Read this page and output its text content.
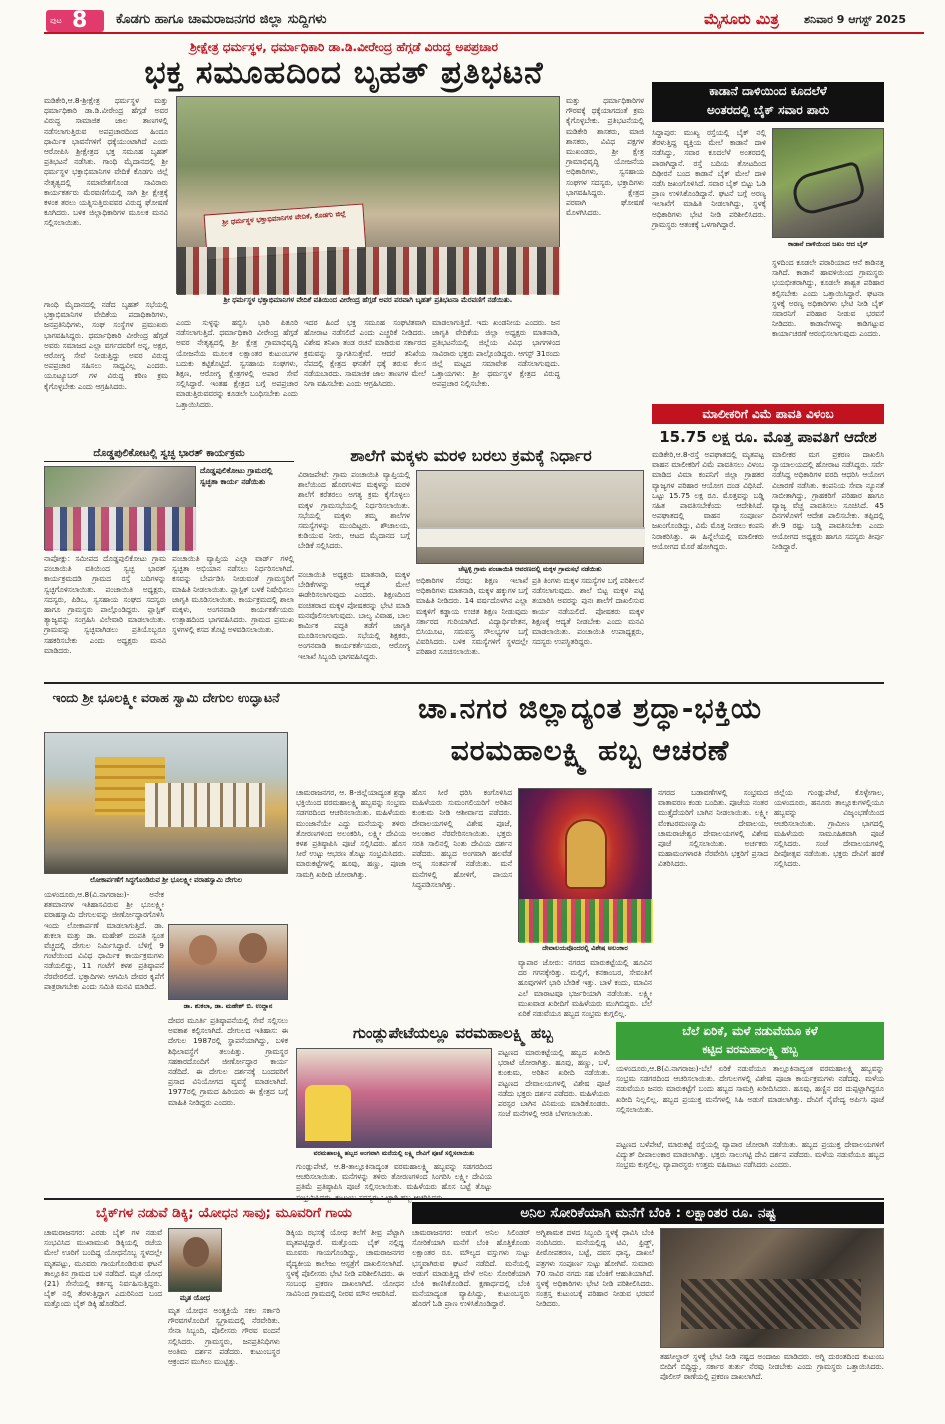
ಪುಟ 8 ಕೊಡಗು ಹಾಗೂ ಚಾಮರಾಜನಗರ ಜಿಲ್ಲಾ ಸುದ್ದಿಗಳು	ಮೈಸೂರು ಮಿತ್ರ ಶನಿವಾರ 9 ಆಗಸ್ಟ್ 2025
ಶ್ರೀಕ್ಷೇತ್ರ ಧರ್ಮಸ್ಥಳ, ಧರ್ಮಾಧಿಕಾರಿ ಡಾ.ಡಿ.ವೀರೇಂದ್ರ ಹೆಗ್ಗಡೆ ವಿರುದ್ಧ ಅಪಪ್ರಚಾರ
ಭಕ್ತ ಸಮೂಹದಿಂದ ಬೃಹತ್ ಪ್ರತಿಭಟನೆ
ಮಡಿಕೇರಿ,ಆ.8-ಶ್ರೀಕ್ಷೇತ್ರ ಧರ್ಮಸ್ಥಳ ಮತ್ತು ಧರ್ಮಾಧಿಕಾರಿ ಡಾ.ಡಿ.ವೀರೇಂದ್ರ ಹೆಗ್ಗಡೆ ಅವರ ವಿರುದ್ಧ ಸಾಮಾಜಿಕ ಜಾಲ ತಾಣಗಳಲ್ಲಿ ನಡೆಸಲಾಗುತ್ತಿರುವ ಅಪಪ್ರಚಾರದಿಂದ ಹಿಂದೂ ಧಾರ್ಮಿಕ ಭಾವನೆಗಳಿಗೆ ಧಕ್ಕೆಯುಂಟಾಗಿದೆ ಎಂದು ಆರೋಪಿಸಿ ಶ್ರೀಕ್ಷೇತ್ರದ ಭಕ್ತ ಸಮೂಹ ಬೃಹತ್ ಪ್ರತಿಭಟನೆ ನಡೆಸಿತು. ಗಾಂಧಿ ಮೈದಾನದಲ್ಲಿ ಶ್ರೀ ಧರ್ಮಸ್ಥಳ ಭಕ್ತಾಭಿಮಾನಿಗಳ ವೇದಿಕೆ ಕೊಡಗು ಜಿಲ್ಲೆ ನೇತೃತ್ವದಲ್ಲಿ ಸಮಾವೇಶಗೊಂಡ ಸಾವಿರಾರು ಕಾರ್ಯಕರ್ತರು ಮೆರವಣಿಗೆಯಲ್ಲಿ ಸಾಗಿ ಶ್ರೀ ಕ್ಷೇತ್ರಕ್ಕೆ ಕಳಂಕ ತರಲು ಯತ್ನಿಸುತ್ತಿರುವವರ ವಿರುದ್ಧ ಘೋಷಣೆ ಕೂಗಿದರು. ಬಳಿಕ ಜಿಲ್ಲಾಧಿಕಾರಿಗಳ ಮೂಲಕ ಮನವಿ ಸಲ್ಲಿಸಲಾಯಿತು.	ಶ್ರೀ ಧರ್ಮಸ್ಥಳ ಭಕ್ತಾಭಿಮಾನಿಗಳ ವೇದಿಕೆ, ಕೊಡಗು ಜಿಲ್ಲೆ
ಶ್ರೀ ಧರ್ಮಸ್ಥಳ ಭಕ್ತಾಭಿಮಾನಿಗಳ ವೇದಿಕೆ ವತಿಯಿಂದ ವೀರೇಂದ್ರ ಹೆಗ್ಗಡೆ ಅವರ ಪರವಾಗಿ ಬೃಹತ್ ಪ್ರತಿಭಟನಾ ಮೆರವಣಿಗೆ ನಡೆಯಿತು.
ಮತ್ತು ಧರ್ಮಾಧಿಕಾರಿಗಳ ಗೌರವಕ್ಕೆ ಧಕ್ಕೆಯಾಗದಂತೆ ಕ್ರಮ ಕೈಗೊಳ್ಳಬೇಕು. ಪ್ರತಿಭಟನೆಯಲ್ಲಿ ಮಡಿಕೇರಿ ಶಾಸಕರು, ಮಾಜಿ ಶಾಸಕರು, ವಿವಿಧ ಪಕ್ಷಗಳ ಮುಖಂಡರು, ಶ್ರೀ ಕ್ಷೇತ್ರ ಗ್ರಾಮಾಭಿವೃದ್ಧಿ ಯೋಜನೆಯ ಅಧಿಕಾರಿಗಳು, ಸ್ವಸಹಾಯ ಸಂಘಗಳ ಸದಸ್ಯರು, ಭಕ್ತಾದಿಗಳು ಭಾಗವಹಿಸಿದ್ದರು. ಕ್ಷೇತ್ರದ ಪರವಾಗಿ ಘೋಷಣೆ ಮೊಳಗಿಸಿದರು.
ಗಾಂಧಿ ಮೈದಾನದಲ್ಲಿ ನಡೆದ ಬೃಹತ್ ಸಭೆಯಲ್ಲಿ ಭಕ್ತಾಭಿಮಾನಿಗಳ ವೇದಿಕೆಯ ಪದಾಧಿಕಾರಿಗಳು, ಜನಪ್ರತಿನಿಧಿಗಳು, ಸಂಘ ಸಂಸ್ಥೆಗಳ ಪ್ರಮುಖರು ಭಾಗವಹಿಸಿದ್ದರು. ಧರ್ಮಾಧಿಕಾರಿ ವೀರೇಂದ್ರ ಹೆಗ್ಗಡೆ ಅವರು ಸಮಾಜದ ಎಲ್ಲಾ ವರ್ಗದವರಿಗೆ ಅನ್ನ, ಅಕ್ಷರ, ಆರೋಗ್ಯ ಸೇವೆ ನೀಡುತ್ತಿದ್ದು ಅವರ ವಿರುದ್ಧ ಅಪಪ್ರಚಾರ ಸಹಿಸಲು ಸಾಧ್ಯವಿಲ್ಲ ಎಂದರು. ಯೂಟ್ಯೂಬರ್ ಗಳ ವಿರುದ್ಧ ಕಠಿಣ ಕ್ರಮ ಕೈಗೊಳ್ಳಬೇಕು ಎಂದು ಆಗ್ರಹಿಸಿದರು.
ಎಂದು ಸುಳ್ಳನ್ನು ಹಬ್ಬಿಸಿ ಭಾರಿ ಪಿತೂರಿ ನಡೆಸಲಾಗುತ್ತಿದೆ. ಧರ್ಮಾಧಿಕಾರಿ ವೀರೇಂದ್ರ ಹೆಗ್ಗಡೆ ಅವರ ನೇತೃತ್ವದಲ್ಲಿ ಶ್ರೀ ಕ್ಷೇತ್ರ ಗ್ರಾಮಾಭಿವೃದ್ಧಿ ಯೋಜನೆಯ ಮೂಲಕ ಲಕ್ಷಾಂತರ ಕುಟುಂಬಗಳ ಬದುಕು ಕಟ್ಟಿಕೊಟ್ಟಿದೆ. ಸ್ವಸಹಾಯ ಸಂಘಗಳು, ಶಿಕ್ಷಣ, ಆರೋಗ್ಯ ಕ್ಷೇತ್ರಗಳಲ್ಲಿ ಅಪಾರ ಸೇವೆ ಸಲ್ಲಿಸಿದ್ದಾರೆ. ಇಂತಹ ಕ್ಷೇತ್ರದ ಬಗ್ಗೆ ಅಪಪ್ರಚಾರ ಮಾಡುತ್ತಿರುವವರನ್ನು ಕೂಡಲೇ ಬಂಧಿಸಬೇಕು ಎಂದು ಒತ್ತಾಯಿಸಿದರು.
ಇದರ ಹಿಂದೆ ಭಕ್ತ ಸಮೂಹ ಸಂಘಟಿತವಾಗಿ ಹೋರಾಟ ನಡೆಸಲಿದೆ ಎಂದು ಎಚ್ಚರಿಕೆ ನೀಡಿದರು. ವಿಶೇಷ ತನಿಖಾ ತಂಡ ರಚನೆ ಮಾಡಿರುವ ಸರ್ಕಾರದ ಕ್ರಮವನ್ನು ಸ್ವಾಗತಿಸುತ್ತೇವೆ. ಆದರೆ ತನಿಖೆಯ ನೆಪದಲ್ಲಿ ಕ್ಷೇತ್ರದ ಘನತೆಗೆ ಧಕ್ಕೆ ತರುವ ಕೆಲಸ ನಡೆಯಬಾರದು. ಸಾಮಾಜಿಕ ಜಾಲ ತಾಣಗಳ ಮೇಲೆ ನಿಗಾ ವಹಿಸಬೇಕು ಎಂದು ಆಗ್ರಹಿಸಿದರು.
ಮಾಡಲಾಗುತ್ತಿದೆ. ಇದು ಖಂಡನೀಯ ಎಂದರು. ಜನ ಜಾಗೃತಿ ವೇದಿಕೆಯ ಜಿಲ್ಲಾ ಅಧ್ಯಕ್ಷರು ಮಾತನಾಡಿ, ಪ್ರತಿಭಟನೆಯಲ್ಲಿ ಜಿಲ್ಲೆಯ ವಿವಿಧ ಭಾಗಗಳಿಂದ ಸಾವಿರಾರು ಭಕ್ತರು ಪಾಲ್ಗೊಂಡಿದ್ದರು. ಆಗಸ್ಟ್ 31ರಂದು ಜಿಲ್ಲೆ ಮಟ್ಟದ ಸಮಾವೇಶ ನಡೆಸಲಾಗುವುದು. ಒತ್ತಾಯಗಳು: ಶ್ರೀ ಧರ್ಮಸ್ಥಳ ಕ್ಷೇತ್ರದ ವಿರುದ್ಧ ಅಪಪ್ರಚಾರ ನಿಲ್ಲಿಸಬೇಕು.
ಕಾಡಾನೆ ದಾಳಿಯಿಂದ ಕೂದಲೆಳೆ
ಅಂತರದಲ್ಲಿ ಬೈಕ್ ಸವಾರ ಪಾರು
ಸಿದ್ದಾಪುರ: ಮುಖ್ಯ ರಸ್ತೆಯಲ್ಲಿ ಬೈಕ್ ನಲ್ಲಿ ತೆರಳುತ್ತಿದ್ದ ವ್ಯಕ್ತಿಯ ಮೇಲೆ ಕಾಡಾನೆ ದಾಳಿ ನಡೆಸಿದ್ದು, ಸವಾರ ಕೂದಲೆಳೆ ಅಂತರದಲ್ಲಿ ಪಾರಾಗಿದ್ದಾನೆ. ರಸ್ತೆ ಬದಿಯ ತೋಟದಿಂದ ದಿಢೀರನೆ ಬಂದ ಕಾಡಾನೆ ಬೈಕ್ ಮೇಲೆ ದಾಳಿ ನಡೆಸಿ ಜಖಂಗೊಳಿಸಿದೆ. ಸವಾರ ಬೈಕ್ ಬಿಟ್ಟು ಓಡಿ ಪ್ರಾಣ ಉಳಿಸಿಕೊಂಡಿದ್ದಾನೆ. ಘಟನೆ ಬಗ್ಗೆ ಅರಣ್ಯ ಇಲಾಖೆಗೆ ಮಾಹಿತಿ ನೀಡಲಾಗಿದ್ದು, ಸ್ಥಳಕ್ಕೆ ಅಧಿಕಾರಿಗಳು ಭೇಟಿ ನೀಡಿ ಪರಿಶೀಲಿಸಿದರು. ಗ್ರಾಮಸ್ಥರು ಆತಂಕಕ್ಕೆ ಒಳಗಾಗಿದ್ದಾರೆ.
ಕಾಡಾನೆ ದಾಳಿಯಿಂದ ಜಖಂ ಆದ ಬೈಕ್
ಸ್ಥಳದಿಂದ ಕೂಡಲೇ ಪರಾರಿಯಾದ ಆನೆ ಕಾಡಿನತ್ತ ಸಾಗಿದೆ. ಕಾಡಾನೆ ಹಾವಳಿಯಿಂದ ಗ್ರಾಮಸ್ಥರು ಭಯಭೀತರಾಗಿದ್ದು, ಕೂಡಲೇ ಶಾಶ್ವತ ಪರಿಹಾರ ಕಲ್ಪಿಸಬೇಕು ಎಂದು ಒತ್ತಾಯಿಸಿದ್ದಾರೆ. ಘಟನಾ ಸ್ಥಳಕ್ಕೆ ಅರಣ್ಯ ಅಧಿಕಾರಿಗಳು ಭೇಟಿ ನೀಡಿ ಬೈಕ್ ಸವಾರನಿಗೆ ಪರಿಹಾರ ನೀಡುವ ಭರವಸೆ ನೀಡಿದರು. ಕಾಡಾನೆಗಳನ್ನು ಕಾಡಿಗಟ್ಟುವ ಕಾರ್ಯಾಚರಣೆ ಆರಂಭಿಸಲಾಗುವುದು ಎಂದರು.
ಮಾಲೀಕರಿಗೆ ವಿಮೆ ಪಾವತಿ ವಿಳಂಬ
15.75 ಲಕ್ಷ ರೂ. ಮೊತ್ತ ಪಾವತಿಗೆ ಆದೇಶ
ಮಡಿಕೇರಿ,ಆ.8-ರಸ್ತೆ ಅಪಘಾತದಲ್ಲಿ ಮೃತಪಟ್ಟ ವಾಹನ ಮಾಲೀಕರಿಗೆ ವಿಮೆ ಪಾವತಿಸಲು ವಿಳಂಬ ಮಾಡಿದ ವಿಮಾ ಕಂಪನಿಗೆ ಜಿಲ್ಲಾ ಗ್ರಾಹಕರ ವ್ಯಾಜ್ಯಗಳ ಪರಿಹಾರ ಆಯೋಗ ದಂಡ ವಿಧಿಸಿದೆ. ಒಟ್ಟು 15.75 ಲಕ್ಷ ರೂ. ಮೊತ್ತವನ್ನು ಬಡ್ಡಿ ಸಹಿತ ಪಾವತಿಸಬೇಕೆಂದು ಆದೇಶಿಸಿದೆ. ಅಪಘಾತದಲ್ಲಿ ವಾಹನ ಸಂಪೂರ್ಣ ಜಖಂಗೊಂಡಿದ್ದು, ವಿಮೆ ಮೊತ್ತ ನೀಡಲು ಕಂಪನಿ ನಿರಾಕರಿಸಿತ್ತು. ಈ ಹಿನ್ನೆಲೆಯಲ್ಲಿ ಮಾಲೀಕರು ಆಯೋಗದ ಮೊರೆ ಹೋಗಿದ್ದರು.
ಮಾಲೀಕರ ಮಗ ಪ್ರಕರಣ ದಾಖಲಿಸಿ ನ್ಯಾಯಾಲಯದಲ್ಲಿ ಹೋರಾಟ ನಡೆಸಿದ್ದರು. ಸರ್ವೆ ನಡೆಸಿದ್ದ ಅಧಿಕಾರಿಗಳ ವರದಿ ಆಧರಿಸಿ ಆಯೋಗ ವಿಚಾರಣೆ ನಡೆಸಿತು. ಕಂಪನಿಯ ಸೇವಾ ನ್ಯೂನತೆ ಸಾಬೀತಾಗಿದ್ದು, ಗ್ರಾಹಕರಿಗೆ ಪರಿಹಾರ ಹಾಗೂ ವ್ಯಾಜ್ಯ ವೆಚ್ಚ ಪಾವತಿಸಲು ಸೂಚಿಸಿದೆ. 45 ದಿನಗಳೊಳಗೆ ಆದೇಶ ಪಾಲಿಸಬೇಕು. ತಪ್ಪಿದಲ್ಲಿ ಶೇ.9 ರಷ್ಟು ಬಡ್ಡಿ ಪಾವತಿಸಬೇಕು ಎಂದು ಆಯೋಗದ ಅಧ್ಯಕ್ಷರು ಹಾಗೂ ಸದಸ್ಯರು ತೀರ್ಪು ನೀಡಿದ್ದಾರೆ.
ದೊಡ್ಡಪುಲಿಕೋಟಲ್ಲಿ ಸ್ವಚ್ಛ ಭಾರತ್ ಕಾರ್ಯಕ್ರಮ
ದೊಡ್ಡಪುಲಿಕೋಟು ಗ್ರಾಮದಲ್ಲಿ ಸ್ವಚ್ಛತಾ ಕಾರ್ಯ ನಡೆಯಿತು
ನಾಪೋಕ್ಲು: ಸಮೀಪದ ದೊಡ್ಡಪುಲಿಕೋಟು ಗ್ರಾಮ ಪಂಚಾಯಿತಿ ವತಿಯಿಂದ ಸ್ವಚ್ಛ ಭಾರತ್ ಕಾರ್ಯಕ್ರಮದಡಿ ಗ್ರಾಮದ ರಸ್ತೆ ಬದಿಗಳನ್ನು ಸ್ವಚ್ಛಗೊಳಿಸಲಾಯಿತು. ಪಂಚಾಯಿತಿ ಅಧ್ಯಕ್ಷರು, ಸದಸ್ಯರು, ಪಿಡಿಒ, ಸ್ವಸಹಾಯ ಸಂಘದ ಸದಸ್ಯರು ಹಾಗೂ ಗ್ರಾಮಸ್ಥರು ಪಾಲ್ಗೊಂಡಿದ್ದರು. ಪ್ಲಾಸ್ಟಿಕ್ ತ್ಯಾಜ್ಯವನ್ನು ಸಂಗ್ರಹಿಸಿ ವಿಲೇವಾರಿ ಮಾಡಲಾಯಿತು. ಗ್ರಾಮವನ್ನು ಸ್ವಚ್ಛವಾಗಿಡಲು ಪ್ರತಿಯೊಬ್ಬರೂ ಸಹಕರಿಸಬೇಕು ಎಂದು ಅಧ್ಯಕ್ಷರು ಮನವಿ ಮಾಡಿದರು.
ಪಂಚಾಯಿತಿ ವ್ಯಾಪ್ತಿಯ ಎಲ್ಲಾ ವಾರ್ಡ್ ಗಳಲ್ಲಿ ಸ್ವಚ್ಛತಾ ಅಭಿಯಾನ ನಡೆಸಲು ನಿರ್ಧರಿಸಲಾಗಿದೆ. ಕಸವನ್ನು ಬೇರ್ಪಡಿಸಿ ನೀಡುವಂತೆ ಗ್ರಾಮಸ್ಥರಿಗೆ ಮಾಹಿತಿ ನೀಡಲಾಯಿತು. ಪ್ಲಾಸ್ಟಿಕ್ ಬಳಕೆ ನಿಷೇಧಿಸಲು ಜಾಗೃತಿ ಮೂಡಿಸಲಾಯಿತು. ಕಾರ್ಯಕ್ರಮದಲ್ಲಿ ಶಾಲಾ ಮಕ್ಕಳು, ಅಂಗನವಾಡಿ ಕಾರ್ಯಕರ್ತೆಯರು ಉತ್ಸಾಹದಿಂದ ಭಾಗವಹಿಸಿದರು. ಗ್ರಾಮದ ಪ್ರಮುಖ ಸ್ಥಳಗಳಲ್ಲಿ ಕಸದ ತೊಟ್ಟಿ ಅಳವಡಿಸಲಾಯಿತು.
ಶಾಲೆಗೆ ಮಕ್ಕಳು ಮರಳಿ ಬರಲು ಕ್ರಮಕ್ಕೆ ನಿರ್ಧಾರ
ವಿರಾಜಪೇಟೆ: ಗ್ರಾಮ ಪಂಚಾಯಿತಿ ವ್ಯಾಪ್ತಿಯಲ್ಲಿ ಶಾಲೆಯಿಂದ ಹೊರಗುಳಿದ ಮಕ್ಕಳನ್ನು ಮರಳಿ ಶಾಲೆಗೆ ಕರೆತರಲು ಅಗತ್ಯ ಕ್ರಮ ಕೈಗೊಳ್ಳಲು ಮಕ್ಕಳ ಗ್ರಾಮಸಭೆಯಲ್ಲಿ ನಿರ್ಧರಿಸಲಾಯಿತು. ಸಭೆಯಲ್ಲಿ ಮಕ್ಕಳು ತಮ್ಮ ಶಾಲೆಗಳ ಸಮಸ್ಯೆಗಳನ್ನು ಮುಂದಿಟ್ಟರು. ಶೌಚಾಲಯ, ಕುಡಿಯುವ ನೀರು, ಆಟದ ಮೈದಾನದ ಬಗ್ಗೆ ಬೇಡಿಕೆ ಸಲ್ಲಿಸಿದರು.
ಚೆಟ್ಟಳ್ಳಿ ಗ್ರಾಮ ಪಂಚಾಯಿತಿ ಆವರಣದಲ್ಲಿ ಮಕ್ಕಳ ಗ್ರಾಮಸಭೆ ನಡೆಯಿತು
ಪಂಚಾಯಿತಿ ಅಧ್ಯಕ್ಷರು ಮಾತನಾಡಿ, ಮಕ್ಕಳ ಬೇಡಿಕೆಗಳನ್ನು ಆದ್ಯತೆ ಮೇಲೆ ಈಡೇರಿಸಲಾಗುವುದು ಎಂದರು. ಶಿಕ್ಷಣದಿಂದ ವಂಚಿತರಾದ ಮಕ್ಕಳ ಪೋಷಕರನ್ನು ಭೇಟಿ ಮಾಡಿ ಮನವೊಲಿಸಲಾಗುವುದು. ಬಾಲ್ಯ ವಿವಾಹ, ಬಾಲ ಕಾರ್ಮಿಕ ಪದ್ಧತಿ ತಡೆಗೆ ಜಾಗೃತಿ ಮೂಡಿಸಲಾಗುವುದು. ಸಭೆಯಲ್ಲಿ ಶಿಕ್ಷಕರು, ಅಂಗನವಾಡಿ ಕಾರ್ಯಕರ್ತೆಯರು, ಆರೋಗ್ಯ ಇಲಾಖೆ ಸಿಬ್ಬಂದಿ ಭಾಗವಹಿಸಿದ್ದರು.
ಅಧಿಕಾರಿಗಳ ನೆರವು: ಶಿಕ್ಷಣ ಇಲಾಖೆ ಅಧಿಕಾರಿಗಳು ಮಾತನಾಡಿ, ಮಕ್ಕಳ ಹಕ್ಕುಗಳ ಬಗ್ಗೆ ಮಾಹಿತಿ ನೀಡಿದರು. 14 ವರ್ಷದೊಳಗಿನ ಎಲ್ಲಾ ಮಕ್ಕಳಿಗೆ ಕಡ್ಡಾಯ ಉಚಿತ ಶಿಕ್ಷಣ ನೀಡುವುದು ಸರ್ಕಾರದ ಗುರಿಯಾಗಿದೆ. ವಿದ್ಯಾರ್ಥಿವೇತನ, ಬಿಸಿಯೂಟ, ಸಮವಸ್ತ್ರ ಸೌಲಭ್ಯಗಳ ಬಗ್ಗೆ ವಿವರಿಸಿದರು. ಬಳಿಕ ಸಮಸ್ಯೆಗಳಿಗೆ ಸ್ಥಳದಲ್ಲೇ ಪರಿಹಾರ ಸೂಚಿಸಲಾಯಿತು.
ಪ್ರತಿ ತಿಂಗಳು ಮಕ್ಕಳ ಸಮಸ್ಯೆಗಳ ಬಗ್ಗೆ ಪರಿಶೀಲನೆ ನಡೆಸಲಾಗುವುದು. ಶಾಲೆ ಬಿಟ್ಟ ಮಕ್ಕಳ ಪಟ್ಟಿ ತಯಾರಿಸಿ ಅವರನ್ನು ಪುನಃ ಶಾಲೆಗೆ ದಾಖಲಿಸುವ ಕಾರ್ಯ ನಡೆಯಲಿದೆ. ಪೋಷಕರು ಮಕ್ಕಳ ಶಿಕ್ಷಣಕ್ಕೆ ಆದ್ಯತೆ ನೀಡಬೇಕು ಎಂದು ಮನವಿ ಮಾಡಲಾಯಿತು. ಪಂಚಾಯಿತಿ ಉಪಾಧ್ಯಕ್ಷರು, ಸದಸ್ಯರು ಉಪಸ್ಥಿತರಿದ್ದರು.
ಇಂದು ಶ್ರೀ ಭೂಲಕ್ಷ್ಮೀ ವರಾಹ ಸ್ವಾಮಿ ದೇಗುಲ ಉದ್ಘಾಟನೆ
ಲೋಕಾರ್ಪಣೆಗೆ ಸಿದ್ಧಗೊಂಡಿರುವ ಶ್ರೀ ಭೂಲಕ್ಷ್ಮೀ ವರಾಹಸ್ವಾಮಿ ದೇಗುಲ
ಯಳಂದೂರು,ಆ.8(ವಿ.ನಾಗರಾಜು)- ಅನೇಕ ಶತಮಾನಗಳ ಇತಿಹಾಸವಿರುವ ಶ್ರೀ ಭೂಲಕ್ಷ್ಮೀ ವರಾಹಸ್ವಾಮಿ ದೇಗುಲವನ್ನು ಜೀರ್ಣೋದ್ಧಾರಗೊಳಿಸಿ ಇಂದು ಲೋಕಾರ್ಪಣೆ ಮಾಡಲಾಗುತ್ತಿದೆ. ಡಾ. ಶುಕಲಾ ಮತ್ತು ಡಾ. ಮಹೇಶ್ ದಂಪತಿ ಸ್ವಂತ ವೆಚ್ಚದಲ್ಲಿ ದೇಗುಲ ನಿರ್ಮಿಸಿದ್ದಾರೆ. ಬೆಳಿಗ್ಗೆ 9 ಗಂಟೆಯಿಂದ ವಿವಿಧ ಧಾರ್ಮಿಕ ಕಾರ್ಯಕ್ರಮಗಳು ನಡೆಯಲಿದ್ದು, 11 ಗಂಟೆಗೆ ಕಳಶ ಪ್ರತಿಷ್ಠಾಪನೆ ನೆರವೇರಲಿದೆ. ಭಕ್ತಾದಿಗಳು ಆಗಮಿಸಿ ದೇವರ ಕೃಪೆಗೆ ಪಾತ್ರರಾಗಬೇಕು ಎಂದು ಸಮಿತಿ ಮನವಿ ಮಾಡಿದೆ.
ಡಾ. ಶುಕಲಾ, ಡಾ. ಮಹೇಶ್ ಬಿ. ಉದ್ದಾನ
ದೇವರ ಮೂರ್ತಿ ಪ್ರತಿಷ್ಠಾಪನೆಯಲ್ಲಿ ಸೇವೆ ಸಲ್ಲಿಸಲು ಅವಕಾಶ ಕಲ್ಪಿಸಲಾಗಿದೆ. ದೇಗುಲದ ಇತಿಹಾಸ: ಈ ದೇಗುಲ 1987ರಲ್ಲಿ ಸ್ಥಾಪನೆಯಾಗಿದ್ದು, ಬಳಿಕ ಶಿಥಿಲಾವಸ್ಥೆಗೆ ತಲುಪಿತ್ತು. ಗ್ರಾಮಸ್ಥರ ಸಹಕಾರದೊಂದಿಗೆ ಜೀರ್ಣೋದ್ಧಾರ ಕಾರ್ಯ ನಡೆದಿದೆ. ಈ ದೇಗುಲ ದರ್ಶನಕ್ಕೆ ಬಂದವರಿಗೆ ಪ್ರಸಾದ ವಿನಿಯೋಗದ ವ್ಯವಸ್ಥೆ ಮಾಡಲಾಗಿದೆ. 1977ರಲ್ಲಿ ಗ್ರಾಮದ ಹಿರಿಯರು ಈ ಕ್ಷೇತ್ರದ ಬಗ್ಗೆ ಮಾಹಿತಿ ನೀಡಿದ್ದರು ಎಂದರು.
ಚಾ.ನಗರ ಜಿಲ್ಲಾದ್ಯಂತ ಶ್ರದ್ಧಾ-ಭಕ್ತಿಯ
ವರಮಹಾಲಕ್ಷ್ಮಿ ಹಬ್ಬ ಆಚರಣೆ
ಚಾಮರಾಜನಗರ, ಆ. 8-ಜಿಲ್ಲೆಯಾದ್ಯಂತ ಶ್ರದ್ಧಾ ಭಕ್ತಿಯಿಂದ ವರಮಹಾಲಕ್ಷ್ಮಿ ಹಬ್ಬವನ್ನು ಸಂಭ್ರಮ ಸಡಗರದಿಂದ ಆಚರಿಸಲಾಯಿತು. ಮಹಿಳೆಯರು ಮುಂಜಾನೆಯೇ ಎದ್ದು ಮನೆಯನ್ನು ತಳಿರು ತೋರಣಗಳಿಂದ ಅಲಂಕರಿಸಿ, ಲಕ್ಷ್ಮೀ ದೇವಿಯ ಕಳಶ ಪ್ರತಿಷ್ಠಾಪಿಸಿ ಪೂಜೆ ಸಲ್ಲಿಸಿದರು. ಹೊಸ ಸೀರೆ ಉಟ್ಟು ಆಭರಣ ತೊಟ್ಟು ಸಂಭ್ರಮಿಸಿದರು. ಮಾರುಕಟ್ಟೆಗಳಲ್ಲಿ ಹೂವು, ಹಣ್ಣು, ಪೂಜಾ ಸಾಮಗ್ರಿ ಖರೀದಿ ಜೋರಾಗಿತ್ತು.
ಹೊಸ ಸೀರೆ ಧರಿಸಿ ಕಂಗೊಳಿಸಿದ ಮಹಿಳೆಯರು ಸುಮಂಗಲಿಯರಿಗೆ ಅರಿಶಿನ ಕುಂಕುಮ ನೀಡಿ ಆಶೀರ್ವಾದ ಪಡೆದರು. ದೇವಾಲಯಗಳಲ್ಲಿ ವಿಶೇಷ ಪೂಜೆ, ಅಲಂಕಾರ ನೆರವೇರಿಸಲಾಯಿತು. ಭಕ್ತರು ಸರತಿ ಸಾಲಿನಲ್ಲಿ ನಿಂತು ದೇವಿಯ ದರ್ಶನ ಪಡೆದರು. ಹಬ್ಬದ ಅಂಗವಾಗಿ ಹಲವೆಡೆ ಅನ್ನ ಸಂತರ್ಪಣೆ ನಡೆಯಿತು. ಮನೆ ಮನೆಗಳಲ್ಲಿ ಹೋಳಿಗೆ, ಪಾಯಸ ಸಿದ್ಧಪಡಿಸಲಾಗಿತ್ತು.
ದೇವಾಲಯವೊಂದರಲ್ಲಿ ವಿಶೇಷ ಅಲಂಕಾರ
ವ್ಯಾಪಾರ ಜೋರು: ನಗರದ ಮಾರುಕಟ್ಟೆಯಲ್ಲಿ ಹೂವಿನ ದರ ಗಗನಕ್ಕೇರಿತ್ತು. ಮಲ್ಲಿಗೆ, ಕನಕಾಂಬರ, ಸೇವಂತಿಗೆ ಹೂವುಗಳಿಗೆ ಭಾರಿ ಬೇಡಿಕೆ ಇತ್ತು. ಬಾಳೆ ಕಂದು, ಮಾವಿನ ಎಲೆ ಮಾರಾಟವೂ ಭರ್ಜರಿಯಾಗಿ ನಡೆಯಿತು. ಲಕ್ಷ್ಮೀ ಮುಖವಾಡ ಖರೀದಿಗೆ ಮಹಿಳೆಯರು ಮುಗಿಬಿದ್ದರು. ಬೆಲೆ ಏರಿಕೆ ನಡುವೆಯೂ ಹಬ್ಬದ ಸಂಭ್ರಮ ಕುಗ್ಗಲಿಲ್ಲ.
ನಗರದ ಬಡಾವಣೆಗಳಲ್ಲಿ ಸಂಭ್ರಮದ ವಾತಾವರಣ ಕಂಡು ಬಂದಿತು. ಪೂಜೆಯ ನಂತರ ಮುತ್ತೈದೆಯರಿಗೆ ಬಾಗಿನ ನೀಡಲಾಯಿತು. ಲಕ್ಷ್ಮೀ ವೆಂಕಟರಮಣಸ್ವಾಮಿ ದೇವಾಲಯ, ಚಾಮರಾಜೇಶ್ವರ ದೇವಾಲಯಗಳಲ್ಲಿ ವಿಶೇಷ ಪೂಜೆ ಸಲ್ಲಿಸಲಾಯಿತು. ಅರ್ಚಕರು ಮಹಾಮಂಗಳಾರತಿ ನೆರವೇರಿಸಿ ಭಕ್ತರಿಗೆ ಪ್ರಸಾದ ವಿತರಿಸಿದರು.
ಜಿಲ್ಲೆಯ ಗುಂಡ್ಲುಪೇಟೆ, ಕೊಳ್ಳೇಗಾಲ, ಯಳಂದೂರು, ಹನೂರು ತಾಲ್ಲೂಕುಗಳಲ್ಲಿಯೂ ಹಬ್ಬವನ್ನು ವಿಜೃಂಭಣೆಯಿಂದ ಆಚರಿಸಲಾಯಿತು. ಗ್ರಾಮೀಣ ಭಾಗದಲ್ಲಿ ಮಹಿಳೆಯರು ಸಾಮೂಹಿಕವಾಗಿ ಪೂಜೆ ಸಲ್ಲಿಸಿದರು. ಸಂಜೆ ದೇವಾಲಯಗಳಲ್ಲಿ ದೀಪೋತ್ಸವ ನಡೆಯಿತು. ಭಕ್ತರು ದೇವಿಗೆ ಹರಕೆ ಸಲ್ಲಿಸಿದರು.
ಗುಂಡ್ಲುಪೇಟೆಯಲ್ಲೂ ವರಮಹಾಲಕ್ಷ್ಮಿ ಹಬ್ಬ
ವರಮಹಾಲಕ್ಷ್ಮಿ ಹಬ್ಬದ ಅಂಗವಾಗಿ ಮನೆಯಲ್ಲಿ ಲಕ್ಷ್ಮಿ ದೇವಿಗೆ ಪೂಜೆ ಸಲ್ಲಿಸಲಾಯಿತು
ಗುಂಡ್ಲುಪೇಟೆ, ಆ.8-ತಾಲ್ಲೂಕಿನಾದ್ಯಂತ ವರಮಹಾಲಕ್ಷ್ಮಿ ಹಬ್ಬವನ್ನು ಸಡಗರದಿಂದ ಆಚರಿಸಲಾಯಿತು. ಮನೆಗಳನ್ನು ತಳಿರು ತೋರಣಗಳಿಂದ ಸಿಂಗರಿಸಿ ಲಕ್ಷ್ಮೀ ದೇವಿಯ ಪ್ರತಿಮೆ ಪ್ರತಿಷ್ಠಾಪಿಸಿ ಪೂಜೆ ಸಲ್ಲಿಸಲಾಯಿತು. ಮಹಿಳೆಯರು ಹೊಸ ಬಟ್ಟೆ ತೊಟ್ಟು
ಪಟ್ಟಣದ ಮಾರುಕಟ್ಟೆಯಲ್ಲಿ ಹಬ್ಬದ ಖರೀದಿ ಭರಾಟೆ ಜೋರಾಗಿತ್ತು. ಹೂವು, ಹಣ್ಣು, ಬಳೆ, ಕುಂಕುಮ, ಅರಿಶಿನ ಖರೀದಿ ನಡೆಯಿತು. ಪಟ್ಟಣದ ದೇವಾಲಯಗಳಲ್ಲಿ ವಿಶೇಷ ಪೂಜೆ ನಡೆದು ಭಕ್ತರು ದರ್ಶನ ಪಡೆದರು. ಮಹಿಳೆಯರು ಪರಸ್ಪರ ಬಾಗಿನ ವಿನಿಮಯ ಮಾಡಿಕೊಂಡರು. ಸಂಜೆ ಮನೆಗಳಲ್ಲಿ ಆರತಿ ಬೆಳಗಲಾಯಿತು.
ಬೆಲೆ ಏರಿಕೆ, ಮಳೆ ನಡುವೆಯೂ ಕಳೆ
ಕಟ್ಟಿದ ವರಮಹಾಲಕ್ಷ್ಮಿ ಹಬ್ಬ
ಯಳಂದೂರು,ಆ.8(ವಿ.ನಾಗರಾಜು)-ಬೆಲೆ ಏರಿಕೆ ನಡುವೆಯೂ ತಾಲ್ಲೂಕಿನಾದ್ಯಂತ ವರಮಹಾಲಕ್ಷ್ಮಿ ಹಬ್ಬವನ್ನು ಸಂಭ್ರಮ ಸಡಗರದಿಂದ ಆಚರಿಸಲಾಯಿತು. ದೇಗುಲಗಳಲ್ಲಿ ವಿಶೇಷ ಪೂಜಾ ಕಾರ್ಯಕ್ರಮಗಳು ನಡೆದವು. ಮಳೆಯ ನಡುವೆಯೂ ಜನರು ಮಾರುಕಟ್ಟೆಗೆ ಬಂದು ಹಬ್ಬದ ಸಾಮಗ್ರಿ ಖರೀದಿಸಿದರು. ಹೂವು, ಹಣ್ಣಿನ ದರ ದುಪ್ಪಟ್ಟಾಗಿದ್ದರೂ ಖರೀದಿ ನಿಲ್ಲಲಿಲ್ಲ. ಹಬ್ಬದ ಪ್ರಯುಕ್ತ ಮನೆಗಳಲ್ಲಿ ಸಿಹಿ ಅಡುಗೆ ಮಾಡಲಾಗಿತ್ತು. ದೇವಿಗೆ ನೈವೇದ್ಯ ಅರ್ಪಿಸಿ ಪೂಜೆ ಸಲ್ಲಿಸಲಾಯಿತು.
ಪಟ್ಟಣದ ಬಳೆಪೇಟೆ, ಮಾರುಕಟ್ಟೆ ರಸ್ತೆಯಲ್ಲಿ ವ್ಯಾಪಾರ ಜೋರಾಗಿ ನಡೆಯಿತು. ಹಬ್ಬದ ಪ್ರಯುಕ್ತ ದೇವಾಲಯಗಳಿಗೆ ವಿದ್ಯುತ್ ದೀಪಾಲಂಕಾರ ಮಾಡಲಾಗಿತ್ತು. ಭಕ್ತರು ಸಾಲುಗಟ್ಟಿ ದೇವಿ ದರ್ಶನ ಪಡೆದರು. ಮಳೆಯ ನಡುವೆಯೂ ಹಬ್ಬದ ಸಂಭ್ರಮ ಕುಗ್ಗಲಿಲ್ಲ. ವ್ಯಾಪಾರಸ್ಥರು ಉತ್ತಮ ವಹಿವಾಟು ನಡೆಸಿದರು ಎಂದರು.
ಬೈಕ್‌ಗಳ ನಡುವೆ ಡಿಕ್ಕಿ; ಯೋಧನ ಸಾವು; ಮೂವರಿಗೆ ಗಾಯ
ಚಾಮರಾಜನಗರ: ಎರಡು ಬೈಕ್ ಗಳ ನಡುವೆ ಸಂಭವಿಸಿದ ಮುಖಾಮುಖಿ ಡಿಕ್ಕಿಯಲ್ಲಿ ರಜೆಯ ಮೇಲೆ ಊರಿಗೆ ಬಂದಿದ್ದ ಯೋಧನೊಬ್ಬ ಸ್ಥಳದಲ್ಲೇ ಮೃತಪಟ್ಟು, ಮೂವರು ಗಾಯಗೊಂಡಿರುವ ಘಟನೆ ತಾಲ್ಲೂಕಿನ ಗ್ರಾಮದ ಬಳಿ ನಡೆದಿದೆ. ಮೃತ ಯೋಧ (21) ಸೇನೆಯಲ್ಲಿ ಕರ್ತವ್ಯ ನಿರ್ವಹಿಸುತ್ತಿದ್ದರು. ಬೈಕ್ ನಲ್ಲಿ ತೆರಳುತ್ತಿದ್ದಾಗ ಎದುರಿನಿಂದ ಬಂದ ಮತ್ತೊಂದು ಬೈಕ್ ಡಿಕ್ಕಿ ಹೊಡೆದಿದೆ.
ಮೃತ ಯೋಧ
ಮೃತ ಯೋಧನ ಅಂತ್ಯಕ್ರಿಯೆ ಸಕಲ ಸರ್ಕಾರಿ ಗೌರವಗಳೊಂದಿಗೆ ಸ್ವಗ್ರಾಮದಲ್ಲಿ ನೆರವೇರಿತು. ಸೇನಾ ಸಿಬ್ಬಂದಿ, ಪೊಲೀಸರು ಗೌರವ ವಂದನೆ ಸಲ್ಲಿಸಿದರು. ಗ್ರಾಮಸ್ಥರು, ಜನಪ್ರತಿನಿಧಿಗಳು ಅಂತಿಮ ದರ್ಶನ ಪಡೆದರು. ಕುಟುಂಬಸ್ಥರ ಆಕ್ರಂದನ ಮುಗಿಲು ಮುಟ್ಟಿತ್ತು.
ಡಿಕ್ಕಿಯ ರಭಸಕ್ಕೆ ಯೋಧ ತಲೆಗೆ ತೀವ್ರ ಪೆಟ್ಟಾಗಿ ಮೃತಪಟ್ಟಿದ್ದಾರೆ. ಮತ್ತೊಂದು ಬೈಕ್ ನಲ್ಲಿದ್ದ ಮೂವರು ಗಾಯಗೊಂಡಿದ್ದು, ಚಾಮರಾಜನಗರ ವೈದ್ಯಕೀಯ ಕಾಲೇಜು ಆಸ್ಪತ್ರೆಗೆ ದಾಖಲಿಸಲಾಗಿದೆ. ಸ್ಥಳಕ್ಕೆ ಪೊಲೀಸರು ಭೇಟಿ ನೀಡಿ ಪರಿಶೀಲಿಸಿದರು. ಈ ಸಂಬಂಧ ಪ್ರಕರಣ ದಾಖಲಾಗಿದೆ. ಯೋಧನ ಸಾವಿನಿಂದ ಗ್ರಾಮದಲ್ಲಿ ನೀರವ ಮೌನ ಆವರಿಸಿದೆ.
ಅನಿಲ ಸೋರಿಕೆಯಾಗಿ ಮನೆಗೆ ಬೆಂಕಿ : ಲಕ್ಷಾಂತರ ರೂ. ನಷ್ಟ
ಚಾಮರಾಜನಗರ: ಅಡುಗೆ ಅನಿಲ ಸಿಲಿಂಡರ್ ಸೋರಿಕೆಯಾಗಿ ಮನೆಗೆ ಬೆಂಕಿ ಹೊತ್ತಿಕೊಂಡು ಲಕ್ಷಾಂತರ ರೂ. ಮೌಲ್ಯದ ವಸ್ತುಗಳು ಸುಟ್ಟು ಭಸ್ಮವಾಗಿರುವ ಘಟನೆ ನಡೆದಿದೆ. ಮನೆಯಲ್ಲಿ ಅಡುಗೆ ಮಾಡುತ್ತಿದ್ದ ವೇಳೆ ಅನಿಲ ಸೋರಿಕೆಯಾಗಿ ಬೆಂಕಿ ಕಾಣಿಸಿಕೊಂಡಿದೆ. ಕ್ಷಣಾರ್ಧದಲ್ಲಿ ಬೆಂಕಿ ಮನೆಯಾದ್ಯಂತ ವ್ಯಾಪಿಸಿದ್ದು, ಕುಟುಂಬಸ್ಥರು ಹೊರಗೆ ಓಡಿ ಪ್ರಾಣ ಉಳಿಸಿಕೊಂಡಿದ್ದಾರೆ.
ಅಗ್ನಿಶಾಮಕ ದಳದ ಸಿಬ್ಬಂದಿ ಸ್ಥಳಕ್ಕೆ ಧಾವಿಸಿ ಬೆಂಕಿ ನಂದಿಸಿದರು. ಮನೆಯಲ್ಲಿದ್ದ ಟಿವಿ, ಫ್ರಿಡ್ಜ್, ಪೀಠೋಪಕರಣ, ಬಟ್ಟೆ, ದವಸ ಧಾನ್ಯ, ದಾಖಲೆ ಪತ್ರಗಳು ಸಂಪೂರ್ಣ ಸುಟ್ಟು ಹೋಗಿವೆ. ಸುಮಾರು 70 ಸಾವಿರ ನಗದು ಸಹ ಬೆಂಕಿಗೆ ಆಹುತಿಯಾಗಿದೆ. ಸ್ಥಳಕ್ಕೆ ಅಧಿಕಾರಿಗಳು ಭೇಟಿ ನೀಡಿ ಪರಿಶೀಲಿಸಿದರು. ಸಂತ್ರಸ್ತ ಕುಟುಂಬಕ್ಕೆ ಪರಿಹಾರ ನೀಡುವ ಭರವಸೆ ನೀಡಿದರು.
ತಹಸೀಲ್ದಾರ್ ಸ್ಥಳಕ್ಕೆ ಭೇಟಿ ನೀಡಿ ನಷ್ಟದ ಅಂದಾಜು ಮಾಡಿದರು. ಅಗ್ನಿ ದುರಂತದಿಂದ ಕುಟುಂಬ ಬೀದಿಗೆ ಬಿದ್ದಿದ್ದು, ಸರ್ಕಾರ ತುರ್ತು ನೆರವು ನೀಡಬೇಕು ಎಂದು ಗ್ರಾಮಸ್ಥರು ಒತ್ತಾಯಿಸಿದರು. ಪೊಲೀಸ್ ಠಾಣೆಯಲ್ಲಿ ಪ್ರಕರಣ ದಾಖಲಾಗಿದೆ.
